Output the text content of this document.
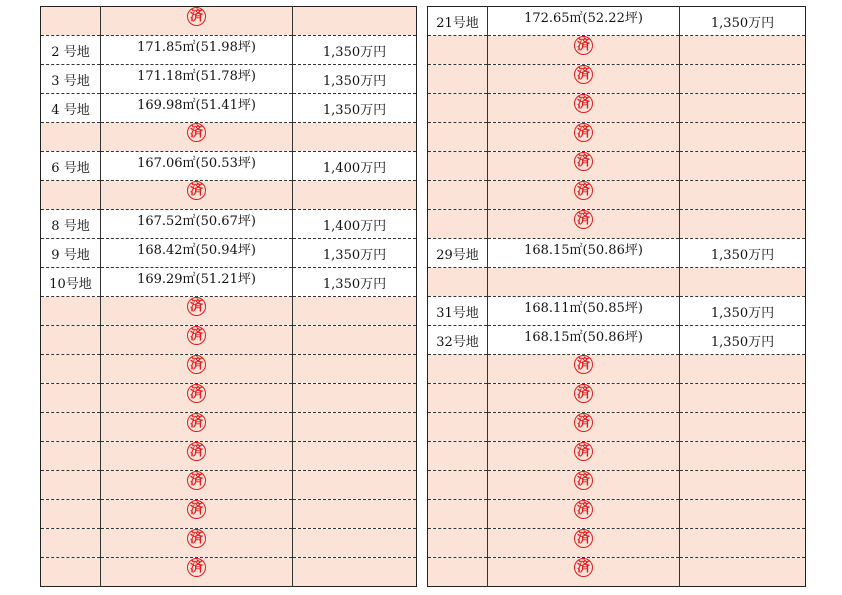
	済	
2 号地	171.85㎡(51.98坪)	1,350万円
3 号地	171.18㎡(51.78坪)	1,350万円
4 号地	169.98㎡(51.41坪)	1,350万円
	済	
6 号地	167.06㎡(50.53坪)	1,400万円
	済	
8 号地	167.52㎡(50.67坪)	1,400万円
9 号地	168.42㎡(50.94坪)	1,350万円
10号地	169.29㎡(51.21坪)	1,350万円
	済	
	済	
	済	
	済	
	済	
	済	
	済	
	済	
	済	
	済	
21号地	172.65㎡(52.22坪)	1,350万円
	済	
	済	
	済	
	済	
	済	
	済	
	済	
29号地	168.15㎡(50.86坪)	1,350万円

31号地	168.11㎡(50.85坪)	1,350万円
32号地	168.15㎡(50.86坪)	1,350万円
	済	
	済	
	済	
	済	
	済	
	済	
	済	
	済	
